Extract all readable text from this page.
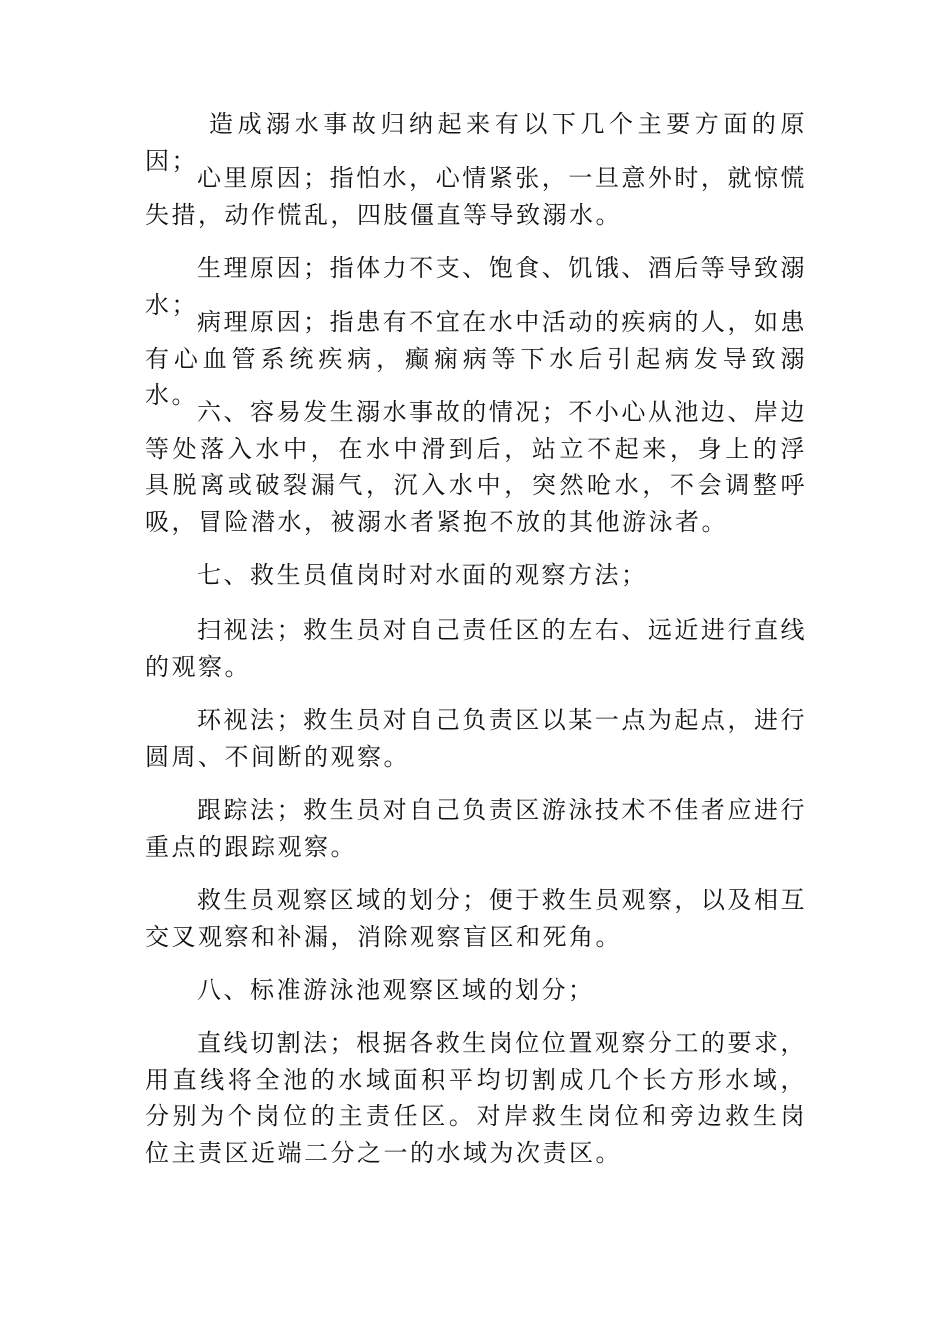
造成溺水事故归纳起来有以下几个主要方面的原因；

心里原因；指怕水，心情紧张，一旦意外时，就惊慌失措，动作慌乱，四肢僵直等导致溺水。

生理原因；指体力不支、饱食、饥饿、酒后等导致溺水；

病理原因；指患有不宜在水中活动的疾病的人，如患有心血管系统疾病，癫痫病等下水后引起病发导致溺水。

六、容易发生溺水事故的情况；不小心从池边、岸边等处落入水中，在水中滑到后，站立不起来，身上的浮具脱离或破裂漏气，沉入水中，突然呛水，不会调整呼吸，冒险潜水，被溺水者紧抱不放的其他游泳者。

七、救生员值岗时对水面的观察方法；

扫视法；救生员对自己责任区的左右、远近进行直线的观察。

环视法；救生员对自己负责区以某一点为起点，进行圆周、不间断的观察。

跟踪法；救生员对自己负责区游泳技术不佳者应进行重点的跟踪观察。

救生员观察区域的划分；便于救生员观察，以及相互交叉观察和补漏，消除观察盲区和死角。

八、标准游泳池观察区域的划分；

直线切割法；根据各救生岗位位置观察分工的要求，用直线将全池的水域面积平均切割成几个长方形水域，分别为个岗位的主责任区。对岸救生岗位和旁边救生岗位主责区近端二分之一的水域为次责区。
